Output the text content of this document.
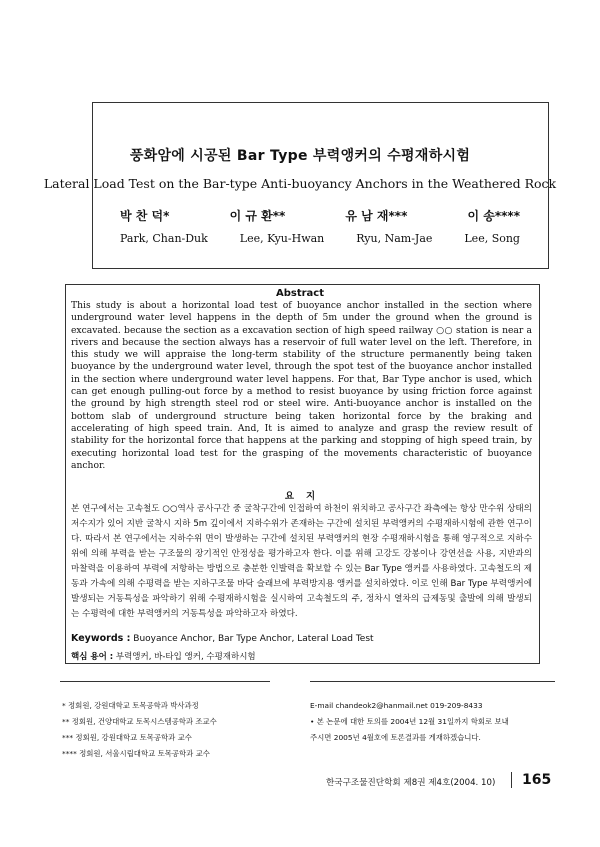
풍화암에 시공된 Bar Type 부력앵커의 수평재하시험
Lateral Load Test on the Bar-type Anti-buoyancy Anchors in the Weathered Rock
박 찬 덕*	이 규 환**	유 남 재***	이 송****
Park, Chan-Duk	Lee, Kyu-Hwan	Ryu, Nam-Jae	Lee, Song
Abstract
This study is about a horizontal load test of buoyance anchor installed in the section where underground water level happens in the depth of 5m under the ground when the ground is excavated. because the section as a excavation section of high speed railway ○○ station is near a rivers and because the section always has a reservoir of full water level on the left. Therefore, in this study we will appraise the long-term stability of the structure permanently being taken buoyance by the underground water level, through the spot test of the buoyance anchor installed in the section where underground water level happens. For that, Bar Type anchor is used, which can get enough pulling-out force by a method to resist buoyance by using friction force against the ground by high strength steel rod or steel wire. Anti-buoyance anchor is installed on the bottom slab of underground structure being taken horizontal force by the braking and accelerating of high speed train. And, It is aimed to analyze and grasp the review result of stability for the horizontal force that happens at the parking and stopping of high speed train, by executing horizontal load test for the grasping of the movements characteristic of buoyance anchor.
요지
본 연구에서는 고속철도 ○○역사 공사구간 중 굴착구간에 인접하여 하천이 위치하고 공사구간 좌측에는 항상 만수위 상태의 저수지가 있어 지반 굴착시 지하 5m 깊이에서 지하수위가 존재하는 구간에 설치된 부력앵커의 수평재하시험에 관한 연구이다. 따라서 본 연구에서는 지하수위 면이 발생하는 구간에 설치된 부력앵커의 현장 수평재하시험을 통해 영구적으로 지하수위에 의해 부력을 받는 구조물의 장기적인 안정성을 평가하고자 한다. 이를 위해 고강도 강봉이나 강연선을 사용, 지반과의 마찰력을 이용하여 부력에 저항하는 방법으로 충분한 인발력을 확보할 수 있는 Bar Type 앵커를 사용하였다. 고속철도의 제동과 가속에 의해 수평력을 받는 지하구조물 바닥 슬래브에 부력방지용 앵커를 설치하였다. 이로 인해 Bar Type 부력앵커에 발생되는 거동특성을 파악하기 위해 수평재하시험을 실시하여 고속철도의 주, 정차시 열차의 급제동및 출발에 의해 발생되는 수평력에 대한 부력앵커의 거동특성을 파악하고자 하였다.
Keywords : Buoyance Anchor, Bar Type Anchor, Lateral Load Test
핵심 용어 : 부력앵커, 바-타입 앵커, 수평재하시험
* 정회원, 강원대학교 토목공학과 박사과정
** 정회원, 건양대학교 토목시스템공학과 조교수
*** 정회원, 강원대학교 토목공학과 교수
**** 정회원, 서울시립대학교 토목공학과 교수
E-mail chandeok2@hanmail.net 019-209-8433
• 본 논문에 대한 토의를 2004년 12월 31일까지 학회로 보내
주시면 2005년 4월호에 토론결과를 게재하겠습니다.
한국구조물진단학회 제8권 제4호(2004. 10) 165
